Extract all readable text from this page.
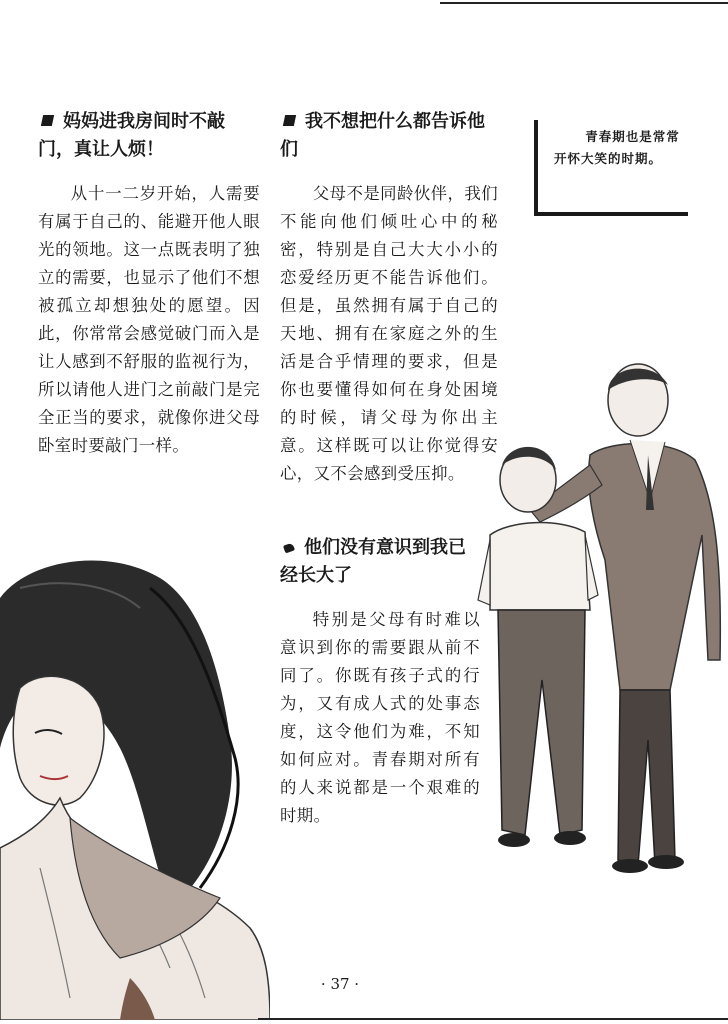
妈妈进我房间时不敲门，真让人烦！

从十一二岁开始，人需要有属于自己的、能避开他人眼光的领地。这一点既表明了独立的需要，也显示了他们不想被孤立却想独处的愿望。因此，你常常会感觉破门而入是让人感到不舒服的监视行为，所以请他人进门之前敲门是完全正当的要求，就像你进父母卧室时要敲门一样。

我不想把什么都告诉他们

父母不是同龄伙伴，我们不能向他们倾吐心中的秘密，特别是自己大大小小的恋爱经历更不能告诉他们。但是，虽然拥有属于自己的天地、拥有在家庭之外的生活是合乎情理的要求，但是你也要懂得如何在身处困境的时候，请父母为你出主意。这样既可以让你觉得安心，又不会感到受压抑。

他们没有意识到我已经长大了

特别是父母有时难以意识到你的需要跟从前不同了。你既有孩子式的行为，又有成人式的处事态度，这令他们为难，不知如何应对。青春期对所有的人来说都是一个艰难的时期。

青春期也是常常开怀大笑的时期。
· 37 ·
